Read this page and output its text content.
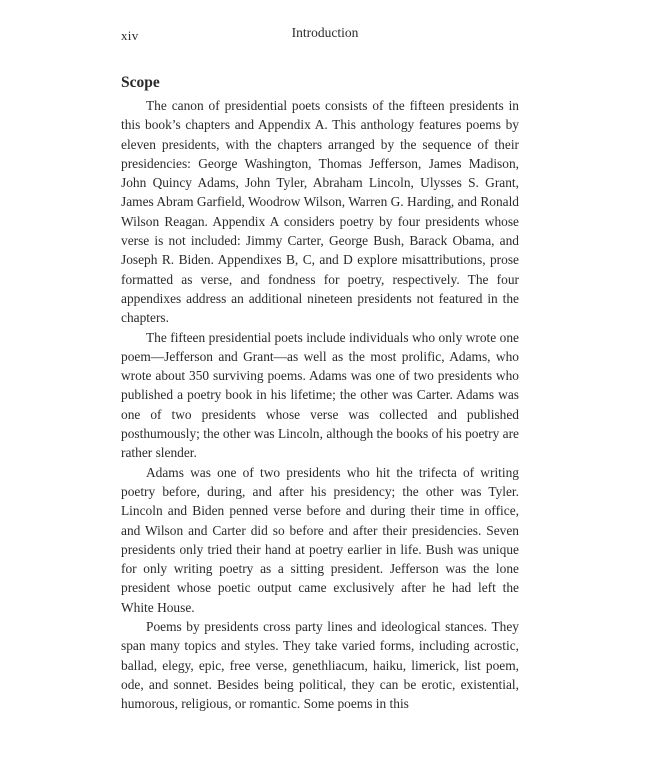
xiv	Introduction
Scope

The canon of presidential poets consists of the fifteen presidents in this book’s chapters and Appendix A. This anthology features poems by eleven presidents, with the chapters arranged by the sequence of their presidencies: George Washington, Thomas Jefferson, James Madison, John Quincy Adams, John Tyler, Abraham Lincoln, Ulysses S. Grant, James Abram Garfield, Woodrow Wilson, Warren G. Harding, and Ronald Wilson Reagan. Appendix A considers poetry by four presidents whose verse is not included: Jimmy Carter, George Bush, Barack Obama, and Joseph R. Biden. Appendixes B, C, and D explore misattributions, prose formatted as verse, and fondness for poetry, respectively. The four appendixes address an additional nineteen presidents not featured in the chapters.

The fifteen presidential poets include individuals who only wrote one poem—Jefferson and Grant—as well as the most prolific, Adams, who wrote about 350 surviving poems. Adams was one of two presidents who published a poetry book in his lifetime; the other was Carter. Adams was one of two presidents whose verse was collected and published posthumously; the other was Lincoln, although the books of his poetry are rather slender.

Adams was one of two presidents who hit the trifecta of writing poetry before, during, and after his presidency; the other was Tyler. Lincoln and Biden penned verse before and during their time in office, and Wilson and Carter did so before and after their presidencies. Seven presidents only tried their hand at poetry earlier in life. Bush was unique for only writing poetry as a sitting president. Jefferson was the lone president whose poetic output came exclusively after he had left the White House.

Poems by presidents cross party lines and ideological stances. They span many topics and styles. They take varied forms, including acrostic, ballad, elegy, epic, free verse, genethliacum, haiku, limerick, list poem, ode, and sonnet. Besides being political, they can be erotic, existential, humorous, religious, or romantic. Some poems in this
